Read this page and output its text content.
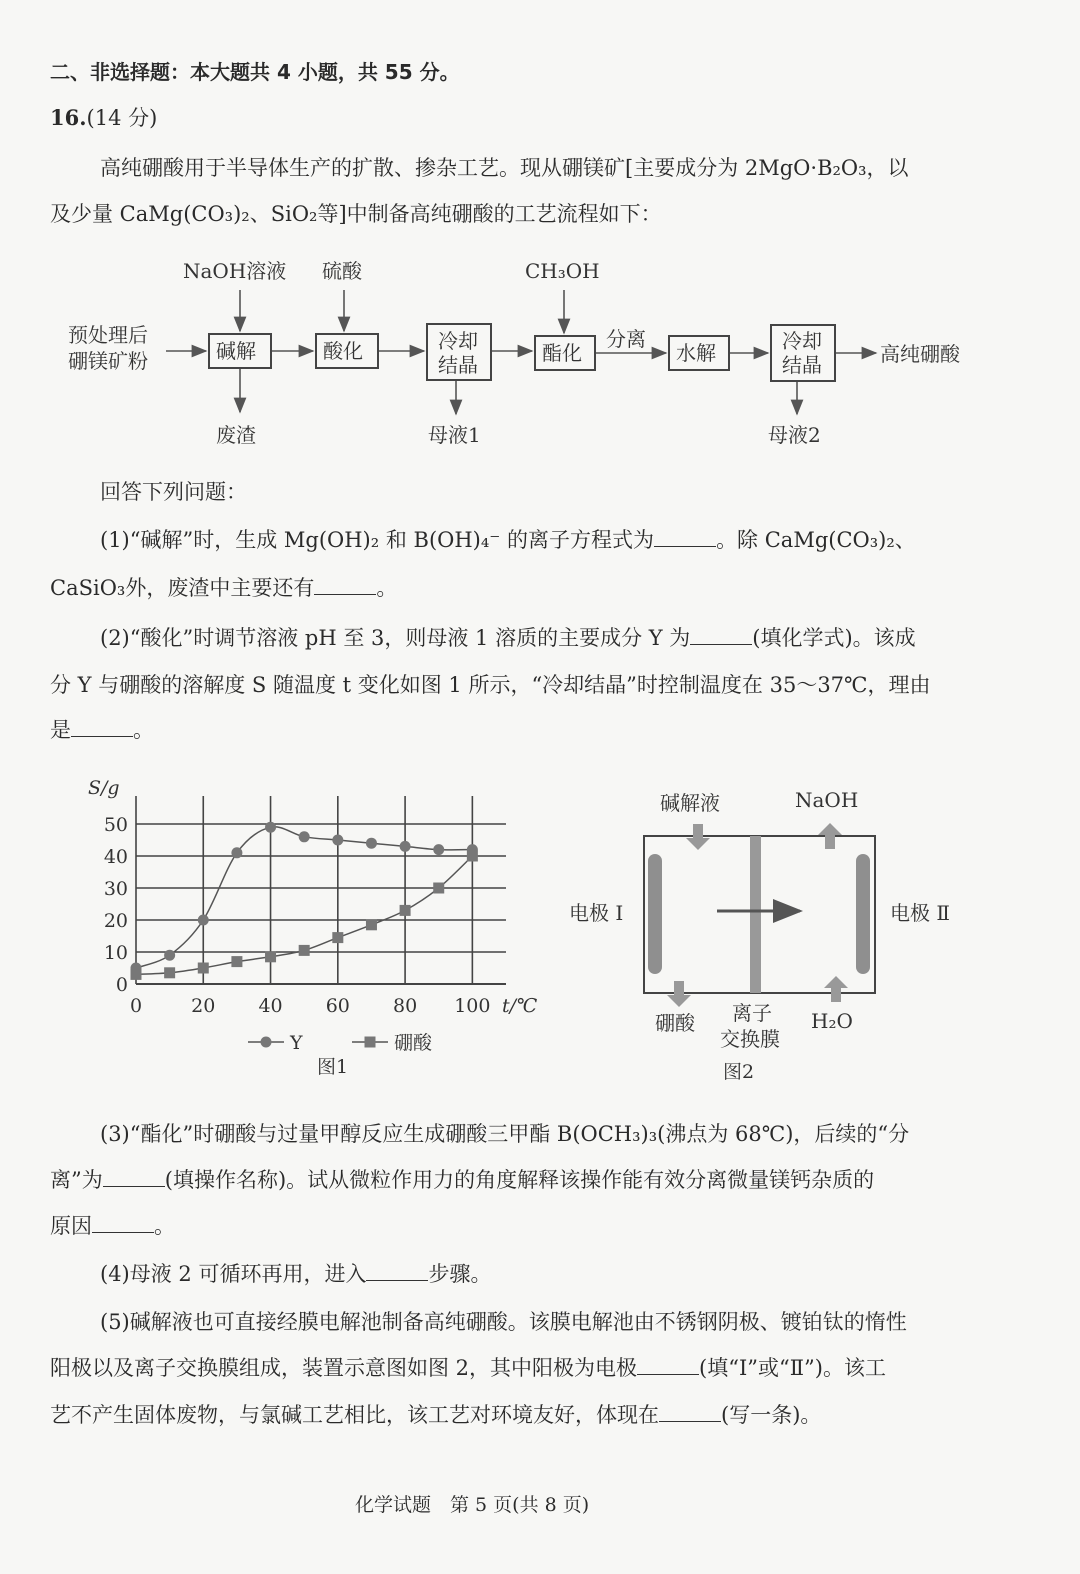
二、非选择题：本大题共 4 小题，共 55 分。
16.(14 分)
高纯硼酸用于半导体生产的扩散、掺杂工艺。现从硼镁矿[主要成分为 2MgO·B₂O₃，以
及少量 CaMg(CO₃)₂、SiO₂等]中制备高纯硼酸的工艺流程如下：
预处理后
硼镁矿粉
NaOH溶液 硫酸	CH₃OH
碱解	酸化	冷却
结晶	酯化
分离
水解	冷却
结晶	高纯硼酸
废渣	母液1	母液2
回答下列问题：
(1)“碱解”时，生成 Mg(OH)₂ 和 B(OH)₄⁻ 的离子方程式为	。除 CaMg(CO₃)₂、
CaSiO₃外，废渣中主要还有	。
(2)“酸化”时调节溶液 pH 至 3，则母液 1 溶质的主要成分 Y 为	(填化学式)。该成
分 Y 与硼酸的溶解度 S 随温度 t 变化如图 1 所示，“冷却结晶”时控制温度在 35～37℃，理由
是	。
S/g
0
10
20
30
40
50
0	20 40 60 80 100 t/℃
Y	硼酸
图1
碱解液	NaOH
电极 Ⅰ	电极 Ⅱ
硼酸 离子
交换膜
H₂O
图2
(3)“酯化”时硼酸与过量甲醇反应生成硼酸三甲酯 B(OCH₃)₃(沸点为 68℃)，后续的“分
离”为	(填操作名称)。试从微粒作用力的角度解释该操作能有效分离微量镁钙杂质的
原因	。
(4)母液 2 可循环再用，进入	步骤。
(5)碱解液也可直接经膜电解池制备高纯硼酸。该膜电解池由不锈钢阴极、镀铂钛的惰性
阳极以及离子交换膜组成，装置示意图如图 2，其中阳极为电极	(填“Ⅰ”或“Ⅱ”)。该工
艺不产生固体废物，与氯碱工艺相比，该工艺对环境友好，体现在	(写一条)。
化学试题　第 5 页(共 8 页)
